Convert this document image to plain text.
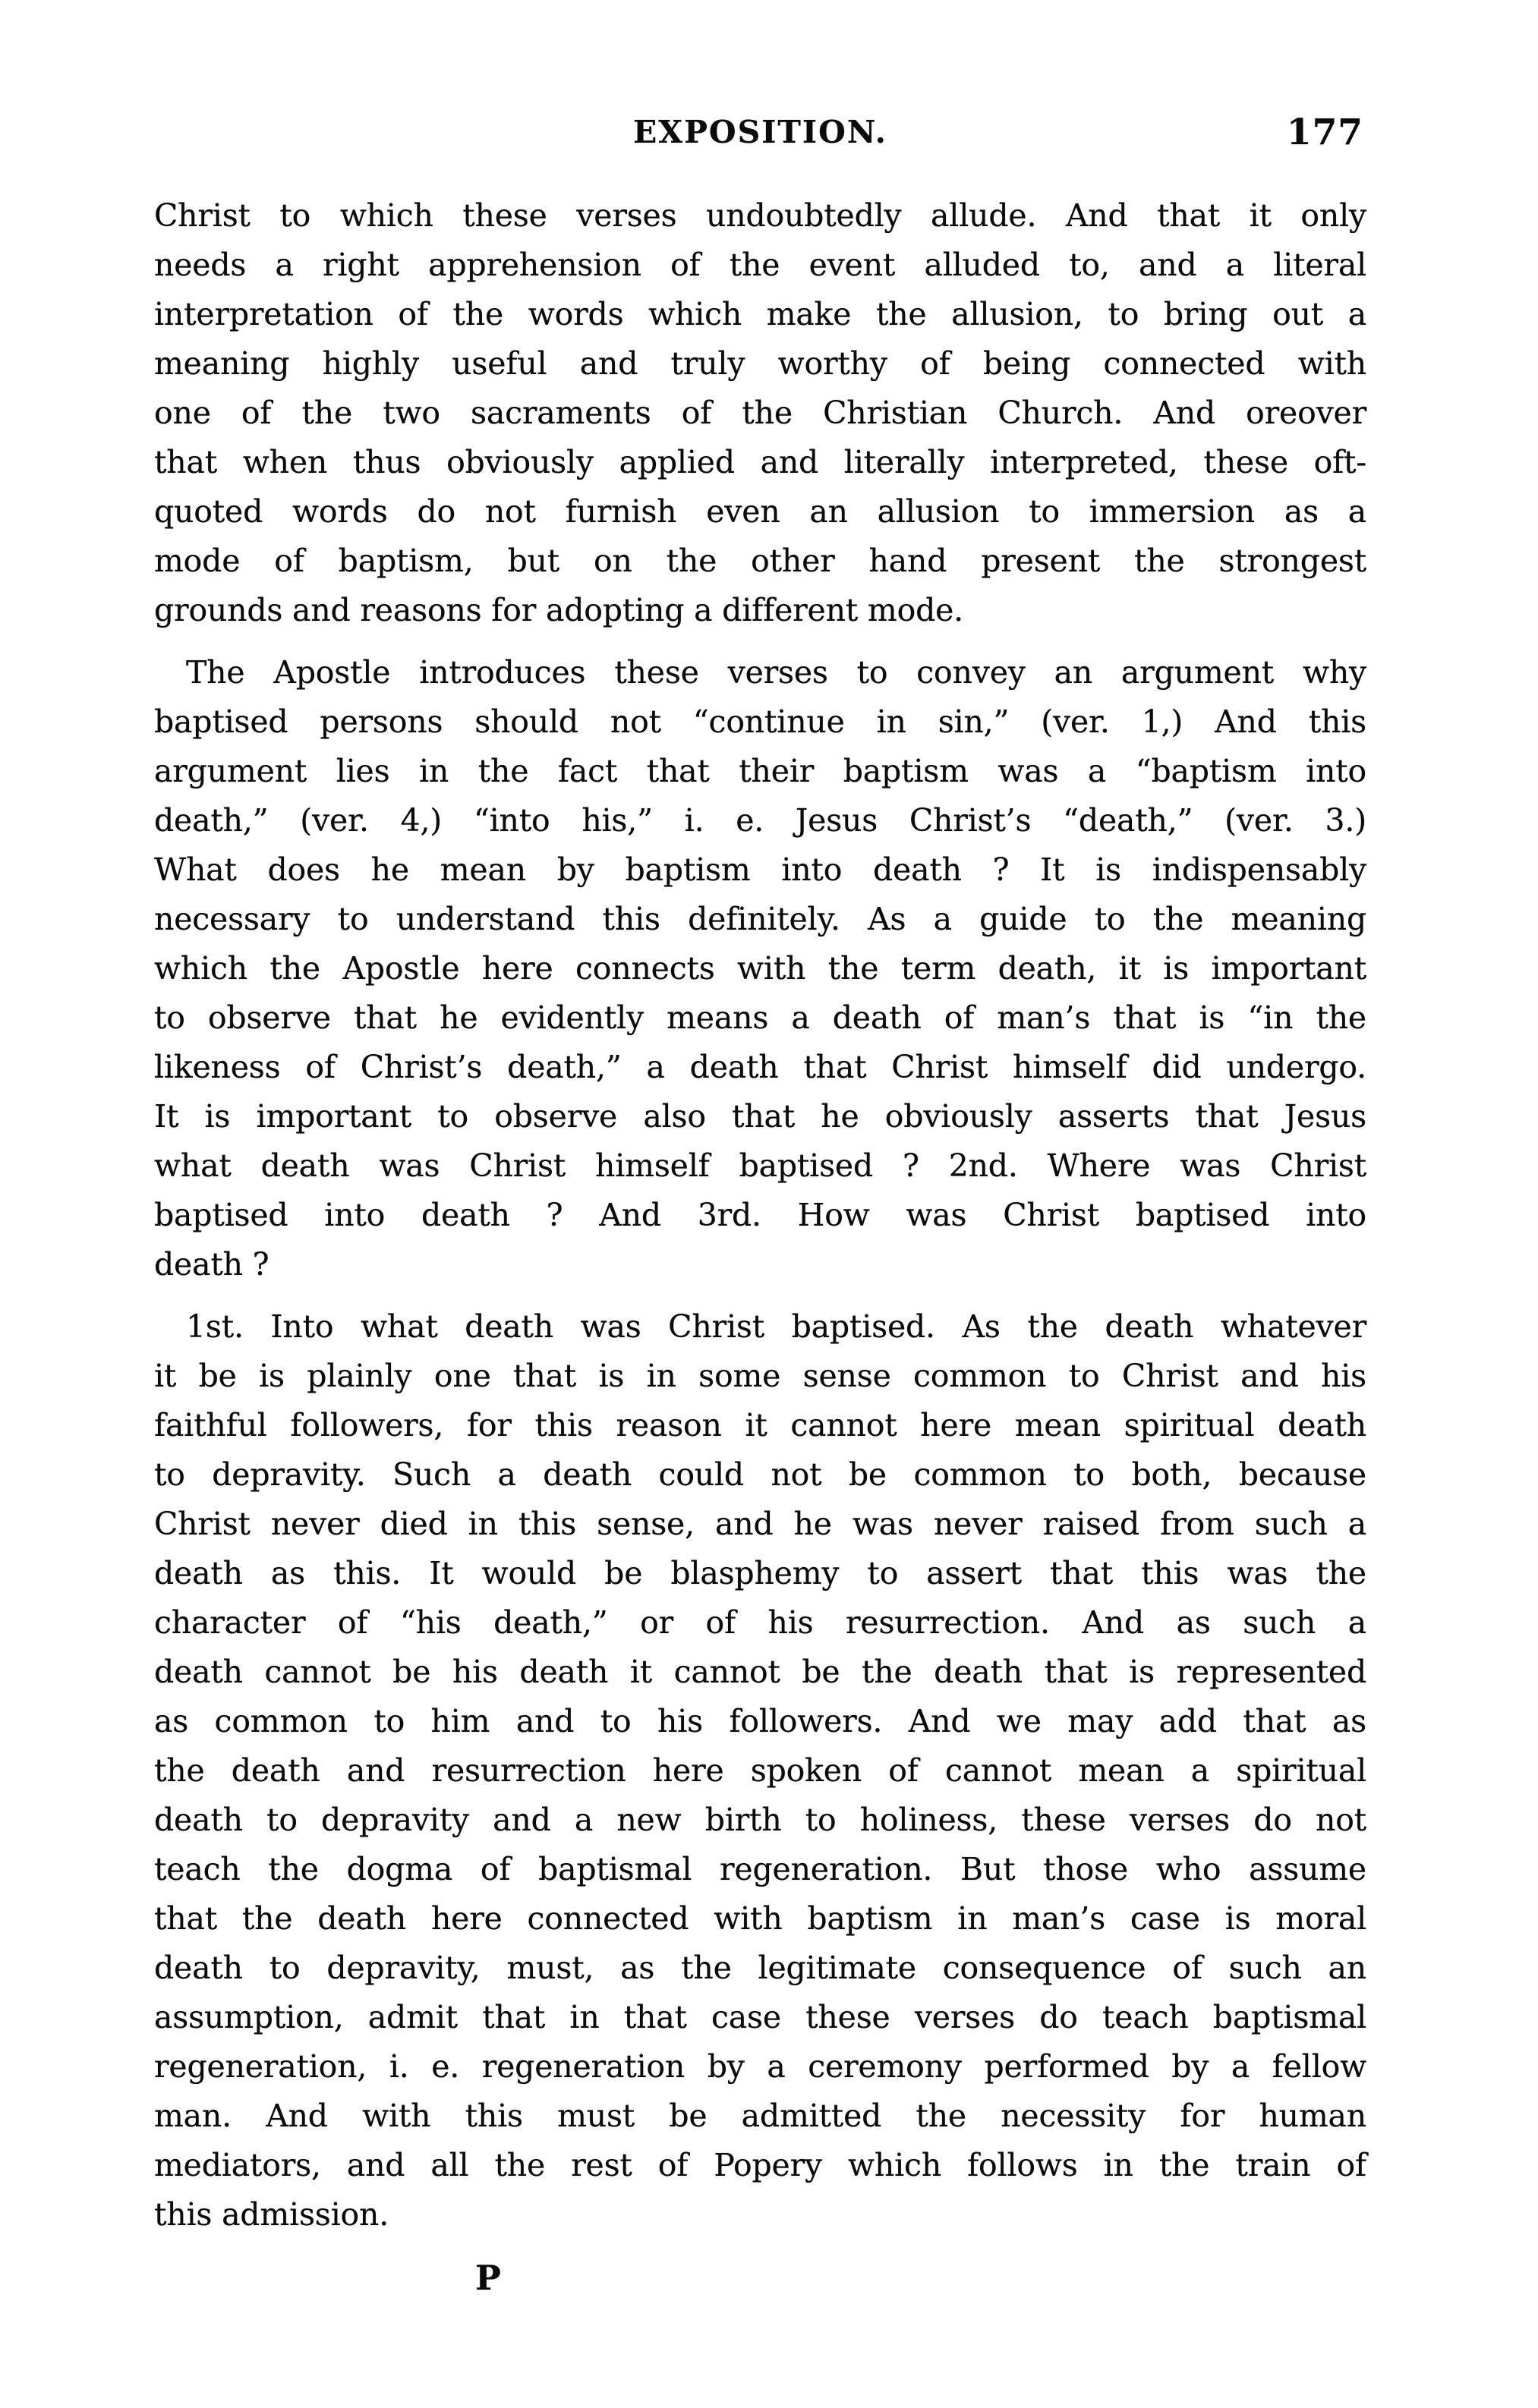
EXPOSITION.	177
Christ to which these verses undoubtedly allude. And that it only
needs a right apprehension of the event alluded to, and a literal
interpretation of the words which make the allusion, to bring out a
meaning highly useful and truly worthy of being connected with
one of the two sacraments of the Christian Church. And oreover
that when thus obviously applied and literally interpreted, these oft-
quoted words do not furnish even an allusion to immersion as a
mode of baptism, but on the other hand present the strongest
grounds and reasons for adopting a different mode.
The Apostle introduces these verses to convey an argument why
baptised persons should not “continue in sin,” (ver. 1,) And this
argument lies in the fact that their baptism was a “baptism into
death,” (ver. 4,) “into his,” i. e. Jesus Christ’s “death,” (ver. 3.)
What does he mean by baptism into death ? It is indispensably
necessary to understand this definitely. As a guide to the meaning
which the Apostle here connects with the term death, it is important
to observe that he evidently means a death of man’s that is “in the
likeness of Christ’s death,” a death that Christ himself did undergo.
It is important to observe also that he obviously asserts that Jesus
what death was Christ himself baptised ? 2nd. Where was Christ
baptised into death ? And 3rd. How was Christ baptised into
death ?
1st. Into what death was Christ baptised. As the death whatever
it be is plainly one that is in some sense common to Christ and his
faithful followers, for this reason it cannot here mean spiritual death
to depravity. Such a death could not be common to both, because
Christ never died in this sense, and he was never raised from such a
death as this. It would be blasphemy to assert that this was the
character of “his death,” or of his resurrection. And as such a
death cannot be his death it cannot be the death that is represented
as common to him and to his followers. And we may add that as
the death and resurrection here spoken of cannot mean a spiritual
death to depravity and a new birth to holiness, these verses do not
teach the dogma of baptismal regeneration. But those who assume
that the death here connected with baptism in man’s case is moral
death to depravity, must, as the legitimate consequence of such an
assumption, admit that in that case these verses do teach baptismal
regeneration, i. e. regeneration by a ceremony performed by a fellow
man. And with this must be admitted the necessity for human
mediators, and all the rest of Popery which follows in the train of
this admission.
P
